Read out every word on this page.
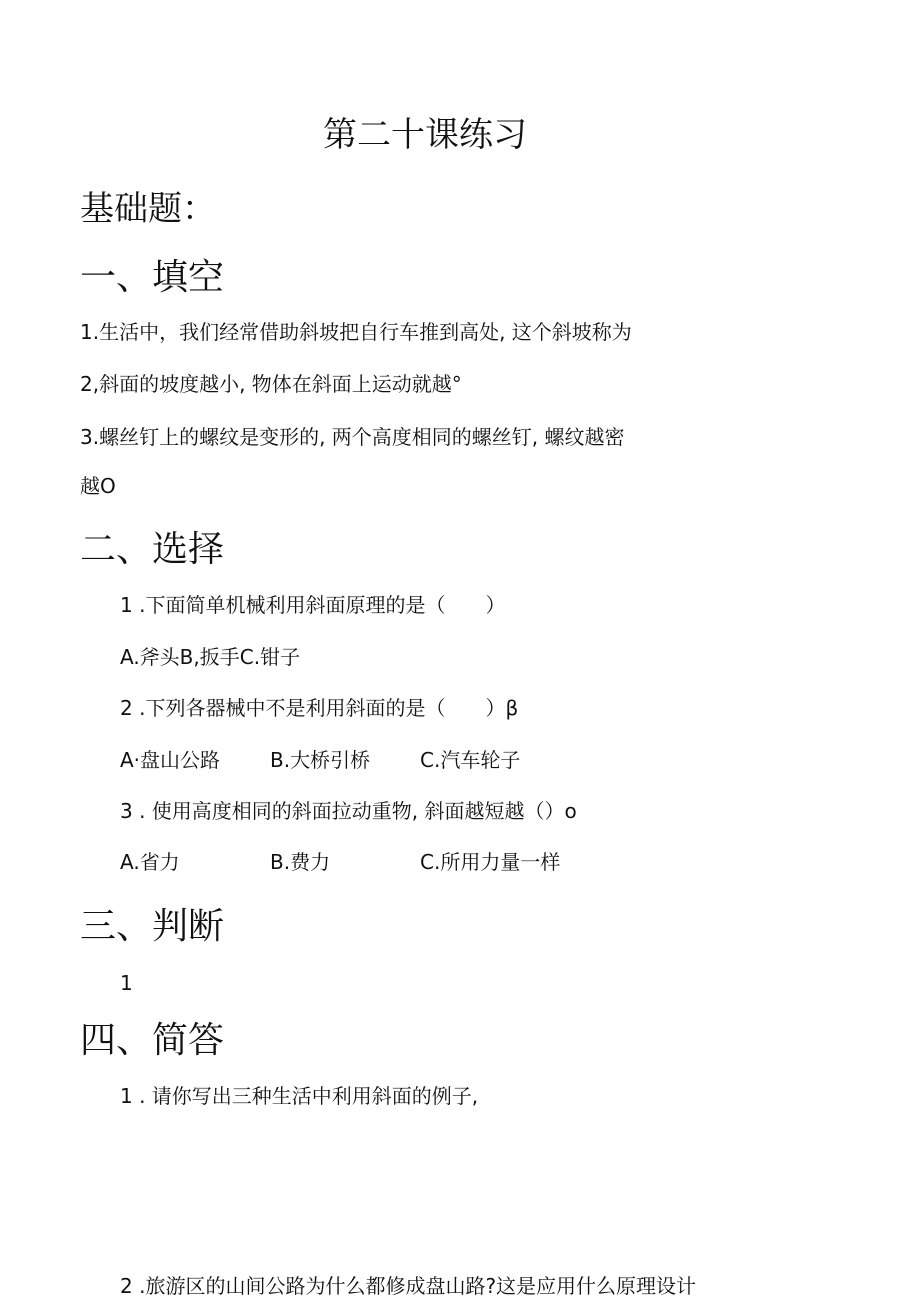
第二十课练习
基础题：
一、填空
1.生活中，我们经常借助斜坡把自行车推到高处, 这个斜坡称为
2,斜面的坡度越小, 物体在斜面上运动就越°
3.螺丝钉上的螺纹是变形的, 两个高度相同的螺丝钉, 螺纹越密
越O
二、选择
1 .下面简单机械利用斜面原理的是（　　）
A.斧头B,扳手C.钳子
2 .下列各器械中不是利用斜面的是（　　）β
A·盘山公路 B.大桥引桥 C.汽车轮子
3 . 使用高度相同的斜面拉动重物, 斜面越短越（）o
A.省力	B.费力	C.所用力量一样
三、判断
1
四、简答
1 . 请你写出三种生活中利用斜面的例子,
2 .旅游区的山间公路为什么都修成盘山路?这是应用什么原理设计
